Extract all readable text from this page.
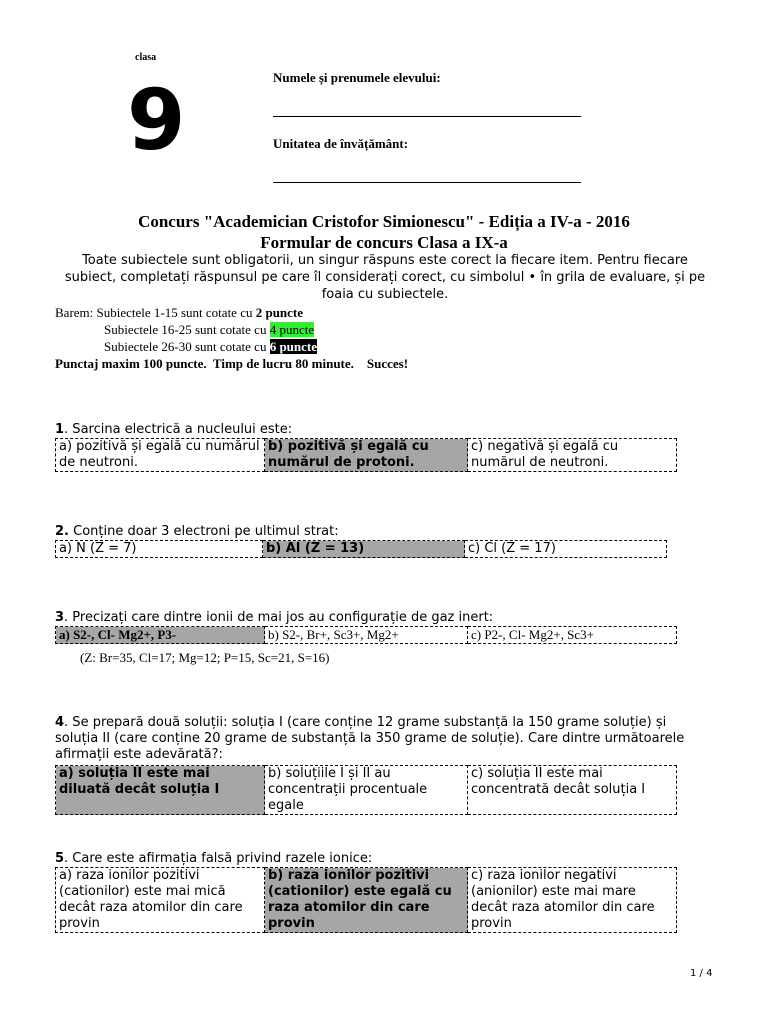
clasa
9	Numele și prenumele elevului:
Unitatea de învățământ:
Concurs "Academician Cristofor Simionescu" - Ediția a IV-a - 2016
Formular de concurs Clasa a IX-a
Toate subiectele sunt obligatorii, un singur răspuns este corect la fiecare item. Pentru fiecare subiect, completați răspunsul pe care îl considerați corect, cu simbolul • în grila de evaluare, și pe foaia cu subiectele.
Barem: Subiectele 1-15 sunt cotate cu 2 puncte
Subiectele 16-25 sunt cotate cu 4 puncte
Subiectele 26-30 sunt cotate cu 6 puncte
Punctaj maxim 100 puncte.  Timp de lucru 80 minute.    Succes!
1. Sarcina electrică a nucleului este:
a) pozitivă și egală cu numărul de neutroni.	b) pozitivă și egală cu numărul de protoni.	c) negativă și egală cu numărul de neutroni.
2. Conține doar 3 electroni pe ultimul strat:
a) N (Z = 7)	b) Al (Z = 13)	c) Cl (Z = 17)
3. Precizați care dintre ionii de mai jos au configurație de gaz inert:
a) S2-, Cl- Mg2+, P3-	b) S2-, Br+, Sc3+, Mg2+	c) P2-, Cl- Mg2+, Sc3+
(Z: Br=35, Cl=17; Mg=12; P=15, Sc=21, S=16)
4. Se prepară două soluții: soluția I (care conține 12 grame substanță la 150 grame soluție) și soluția II (care conține 20 grame de substanță la 350 grame de soluție). Care dintre următoarele afirmații este adevărată?:
a) soluția II este mai diluată decât soluția I	b) soluțiile I și II au concentrații procentuale egale	c) soluția II este mai concentrată decât soluția I
5. Care este afirmația falsă privind razele ionice:
a) raza ionilor pozitivi (cationilor) este mai mică decât raza atomilor din care provin	b) raza ionilor pozitivi (cationilor) este egală cu raza atomilor din care provin	c) raza ionilor negativi (anionilor) este mai mare decât raza atomilor din care provin
1 / 4
